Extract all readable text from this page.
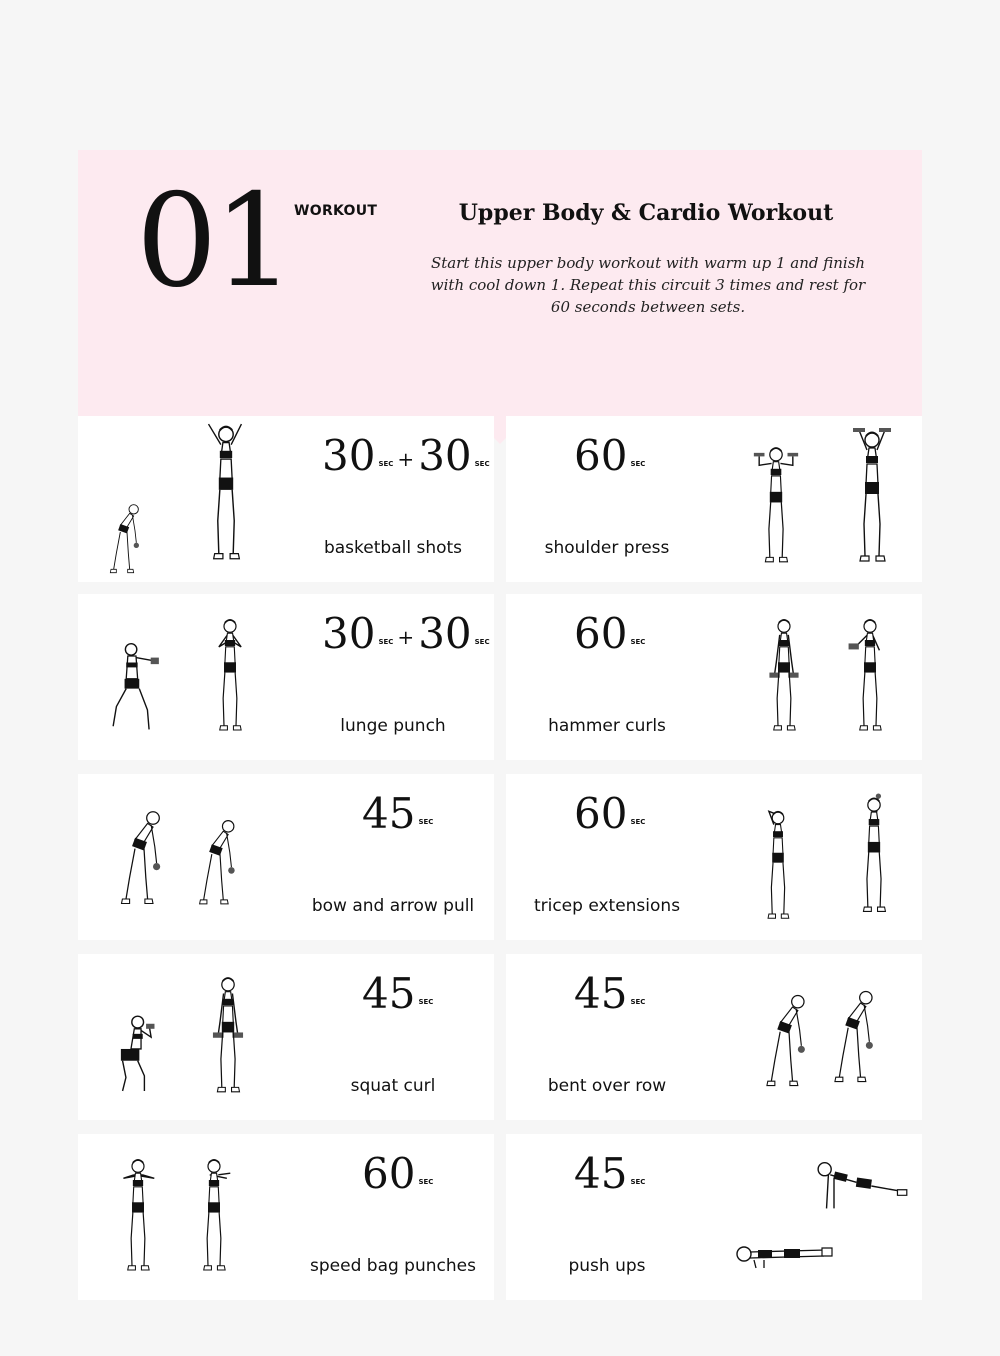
01 WORKOUT	Upper Body & Cardio Workout
Start this upper body workout with warm up 1 and finish with cool down 1. Repeat this circuit 3 times and rest for 60 seconds between sets.
30 $^{SEC}$ +30 $^{SEC}$
basketball shots
60 $^{SEC}$
shoulder press
30 $^{SEC}$ +30 $^{SEC}$
lunge punch
60 $^{SEC}$
hammer curls
45 $^{SEC}$
bow and arrow pull
60 $^{SEC}$
tricep extensions
45 $^{SEC}$
squat curl
45 $^{SEC}$
bent over row
60 $^{SEC}$
speed bag punches
45 $^{SEC}$
push ups
